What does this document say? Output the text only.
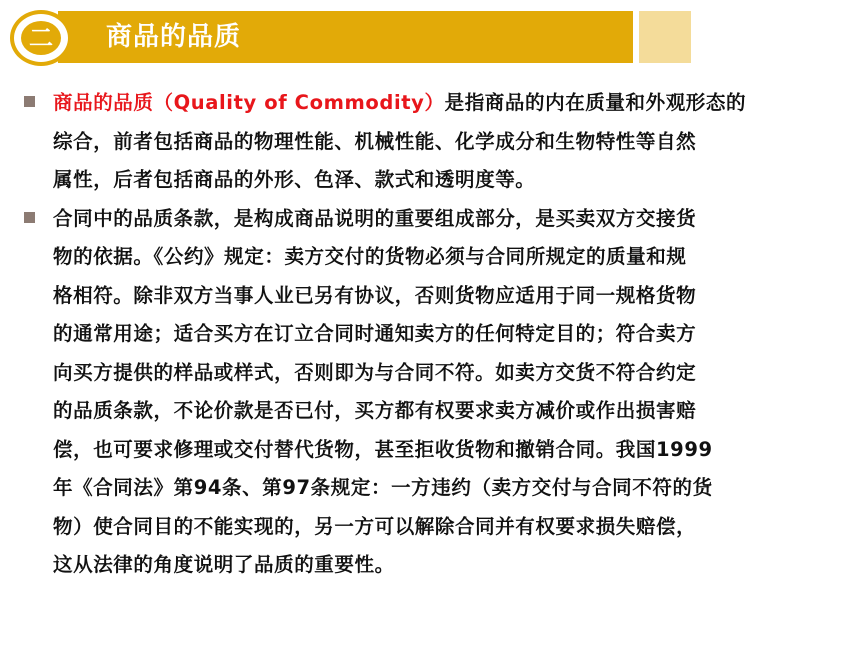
二	商品的品质

商品的品质（Quality of Commodity）是指商品的内在质量和外观形态的
综合，前者包括商品的物理性能、机械性能、化学成分和生物特性等自然
属性，后者包括商品的外形、色泽、款式和透明度等。

合同中的品质条款，是构成商品说明的重要组成部分，是买卖双方交接货
物的依据。《公约》规定：卖方交付的货物必须与合同所规定的质量和规
格相符。除非双方当事人业已另有协议，否则货物应适用于同一规格货物
的通常用途；适合买方在订立合同时通知卖方的任何特定目的；符合卖方
向买方提供的样品或样式，否则即为与合同不符。如卖方交货不符合约定
的品质条款，不论价款是否已付，买方都有权要求卖方减价或作出损害赔
偿，也可要求修理或交付替代货物，甚至拒收货物和撤销合同。我国1999
年《合同法》第94条、第97条规定：一方违约（卖方交付与合同不符的货
物）使合同目的不能实现的，另一方可以解除合同并有权要求损失赔偿，
这从法律的角度说明了品质的重要性。
